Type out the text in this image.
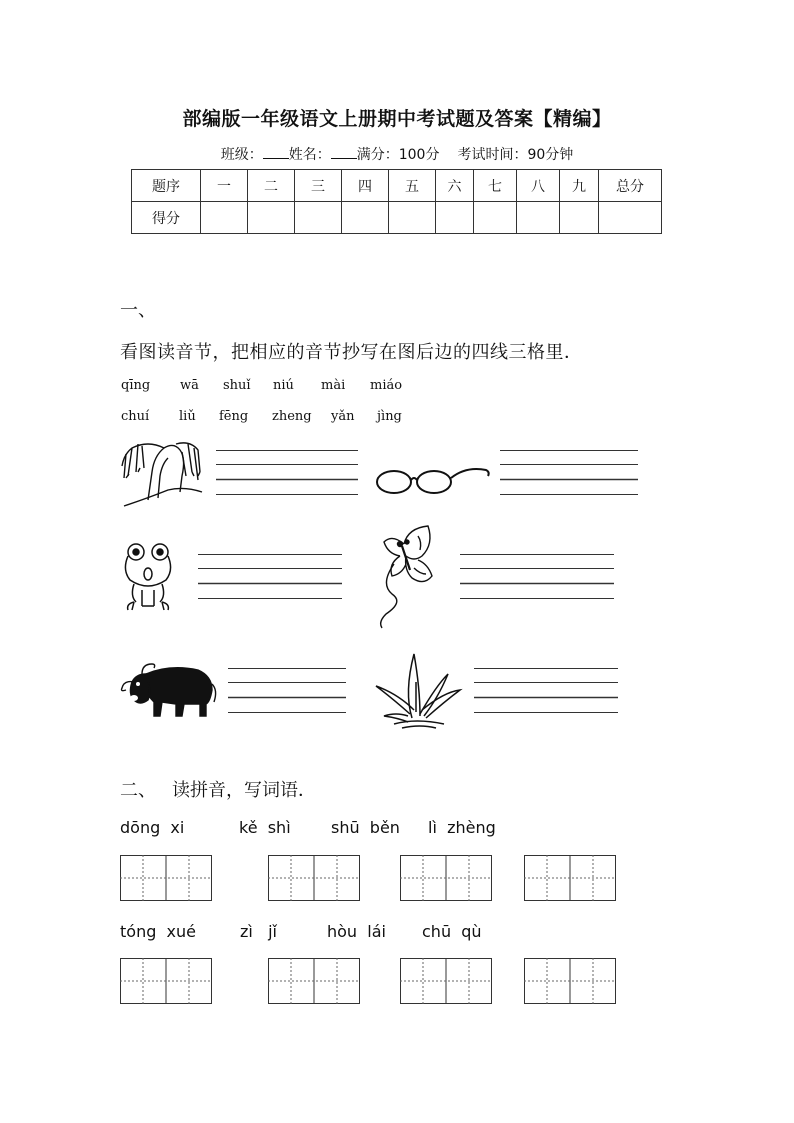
部编版一年级语文上册期中考试题及答案【精编】
班级： 姓名： 满分：100分 考试时间：90分钟
题序	一	二	三	四	五	六	七	八	九	总分
得分										
一、
看图读音节，把相应的音节抄写在图后边的四线三格里．
qīng wā shuǐ niú mài miáo
chuí liǔ fēng zheng yǎn jìng
二、 读拼音，写词语．
dōng  xi	kě  shì	shū  běn lì  zhèng
tóng  xué	zì   jǐ	hòu  lái chū  qù
